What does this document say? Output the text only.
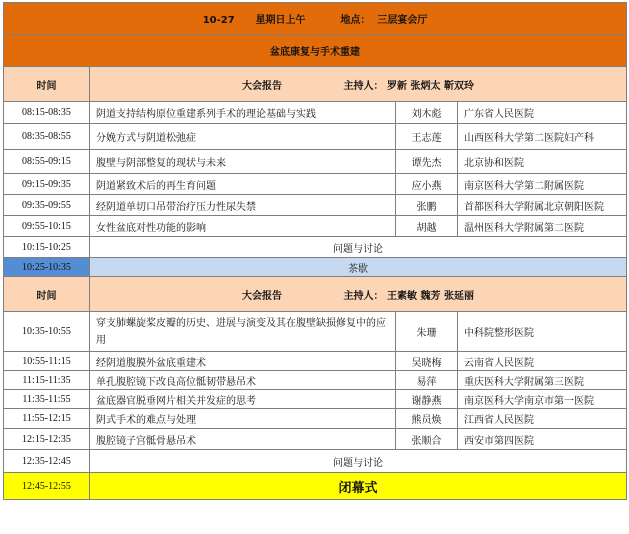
10-27      星期日上午          地点：  三层宴会厅			
盆底康复与手术重建			
时间	大会报告 主持人： 罗新 张炳太 靳双玲		
08:15-08:35	阴道支持结构原位重建系列手术的理论基础与实践	刘木彪	广东省人民医院
08:35-08:55	分娩方式与阴道松弛症	王志莲	山西医科大学第二医院妇产科
08:55-09:15	腹壁与阴部整复的现状与未来	谭先杰	北京协和医院
09:15-09:35	阴道紧致术后的再生育问题	应小燕	南京医科大学第二附属医院
09:35-09:55	经阴道单切口吊带治疗压力性尿失禁	张鹏	首都医科大学附属北京朝阳医院
09:55-10:15	女性盆底对性功能的影响	胡越	温州医科大学附属第二医院
10:15-10:25	问题与讨论		
10:25-10:35	茶歇		
时间	大会报告 主持人： 王素敏 魏芳 张延丽		
10:35-10:55	穿支肺螺旋桨皮瓣的历史、进展与演变及其在腹壁缺损修复中的应用	朱珊	中科院整形医院
10:55-11:15	经阴道腹膜外盆底重建术	吴晓梅	云南省人民医院
11:15-11:35	单孔腹腔镜下改良高位骶韧带悬吊术	易萍	重庆医科大学附属第三医院
11:35-11:55	盆底器官脱垂网片相关并发症的思考	谢静燕	南京医科大学南京市第一医院
11:55-12:15	阴式手术的难点与处理	熊员焕	江西省人民医院
12:15-12:35	腹腔镜子宫骶骨悬吊术	张顺合	西安市第四医院
12:35-12:45	问题与讨论		
12:45-12:55	闭幕式		
